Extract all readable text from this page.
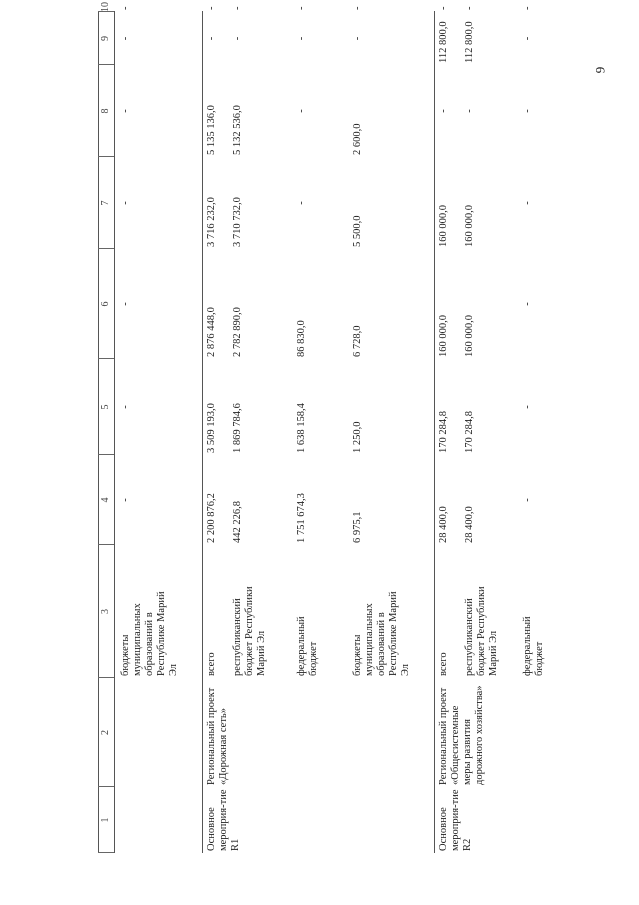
1
2
3
4
5
6
7
8
9
10
бюджеты муниципальных образований в Республике Марий Эл
-
-
-
-
-
-
-
Основное мероприя-тие R1
Региональный проект «Дорожная сеть»
всего
2 200 876,2
3 509 193,0
2 876 448,0
3 716 232,0
5 135 136,0
-
-
республиканский бюджет Республики Марий Эл
442 226,8
1 869 784,6
2 782 890,0
3 710 732,0
5 132 536,0
-
-
федеральный бюджет
1 751 674,3
1 638 158,4
86 830,0
-
-
-
-
бюджеты муниципальных образований в Республике Марий Эл
6 975,1
1 250,0
6 728,0
5 500,0
2 600,0
-
-
Основное мероприя-тие R2
Региональный проект «Общесистемные меры развития дорожного хозяйства»
всего
28 400,0
170 284,8
160 000,0
160 000,0
-
112 800,0
-
республиканский бюджет Республики Марий Эл
28 400,0
170 284,8
160 000,0
160 000,0
-
112 800,0
-
федеральный бюджет
-
-
-
-
-
-
-
9
